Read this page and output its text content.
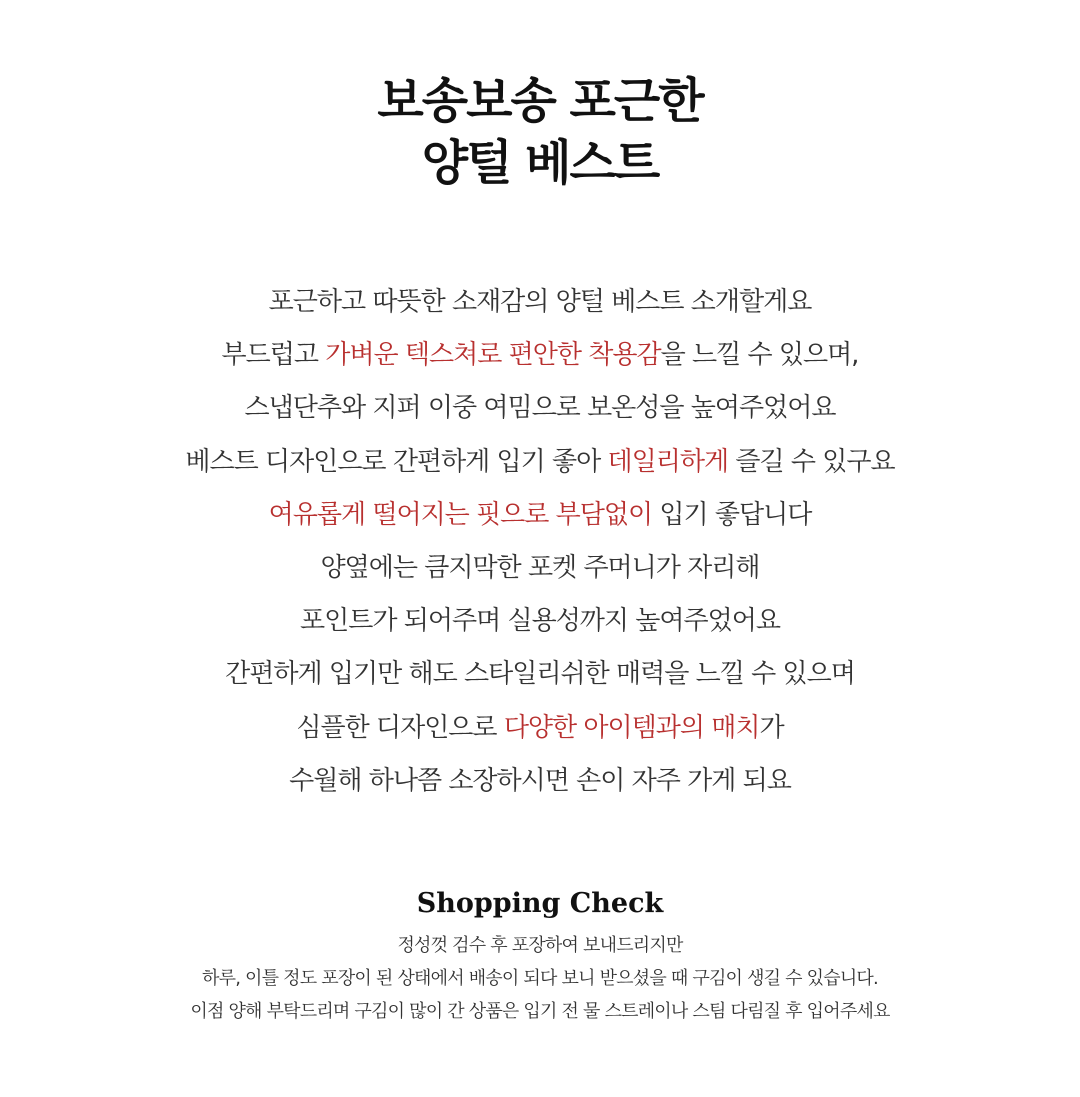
보송보송 포근한
양털 베스트
포근하고 따뜻한 소재감의 양털 베스트 소개할게요
부드럽고 가벼운 텍스쳐로 편안한 착용감을 느낄 수 있으며,
스냅단추와 지퍼 이중 여밈으로 보온성을 높여주었어요
베스트 디자인으로 간편하게 입기 좋아 데일리하게 즐길 수 있구요
여유롭게 떨어지는 핏으로 부담없이 입기 좋답니다
양옆에는 큼지막한 포켓 주머니가 자리해
포인트가 되어주며 실용성까지 높여주었어요
간편하게 입기만 해도 스타일리쉬한 매력을 느낄 수 있으며
심플한 디자인으로 다양한 아이템과의 매치가
수월해 하나쯤 소장하시면 손이 자주 가게 되요
Shopping Check
정성껏 검수 후 포장하여 보내드리지만
하루, 이틀 정도 포장이 된 상태에서 배송이 되다 보니 받으셨을 때 구김이 생길 수 있습니다.
이점 양해 부탁드리며 구김이 많이 간 상품은 입기 전 물 스트레이나 스팀 다림질 후 입어주세요
